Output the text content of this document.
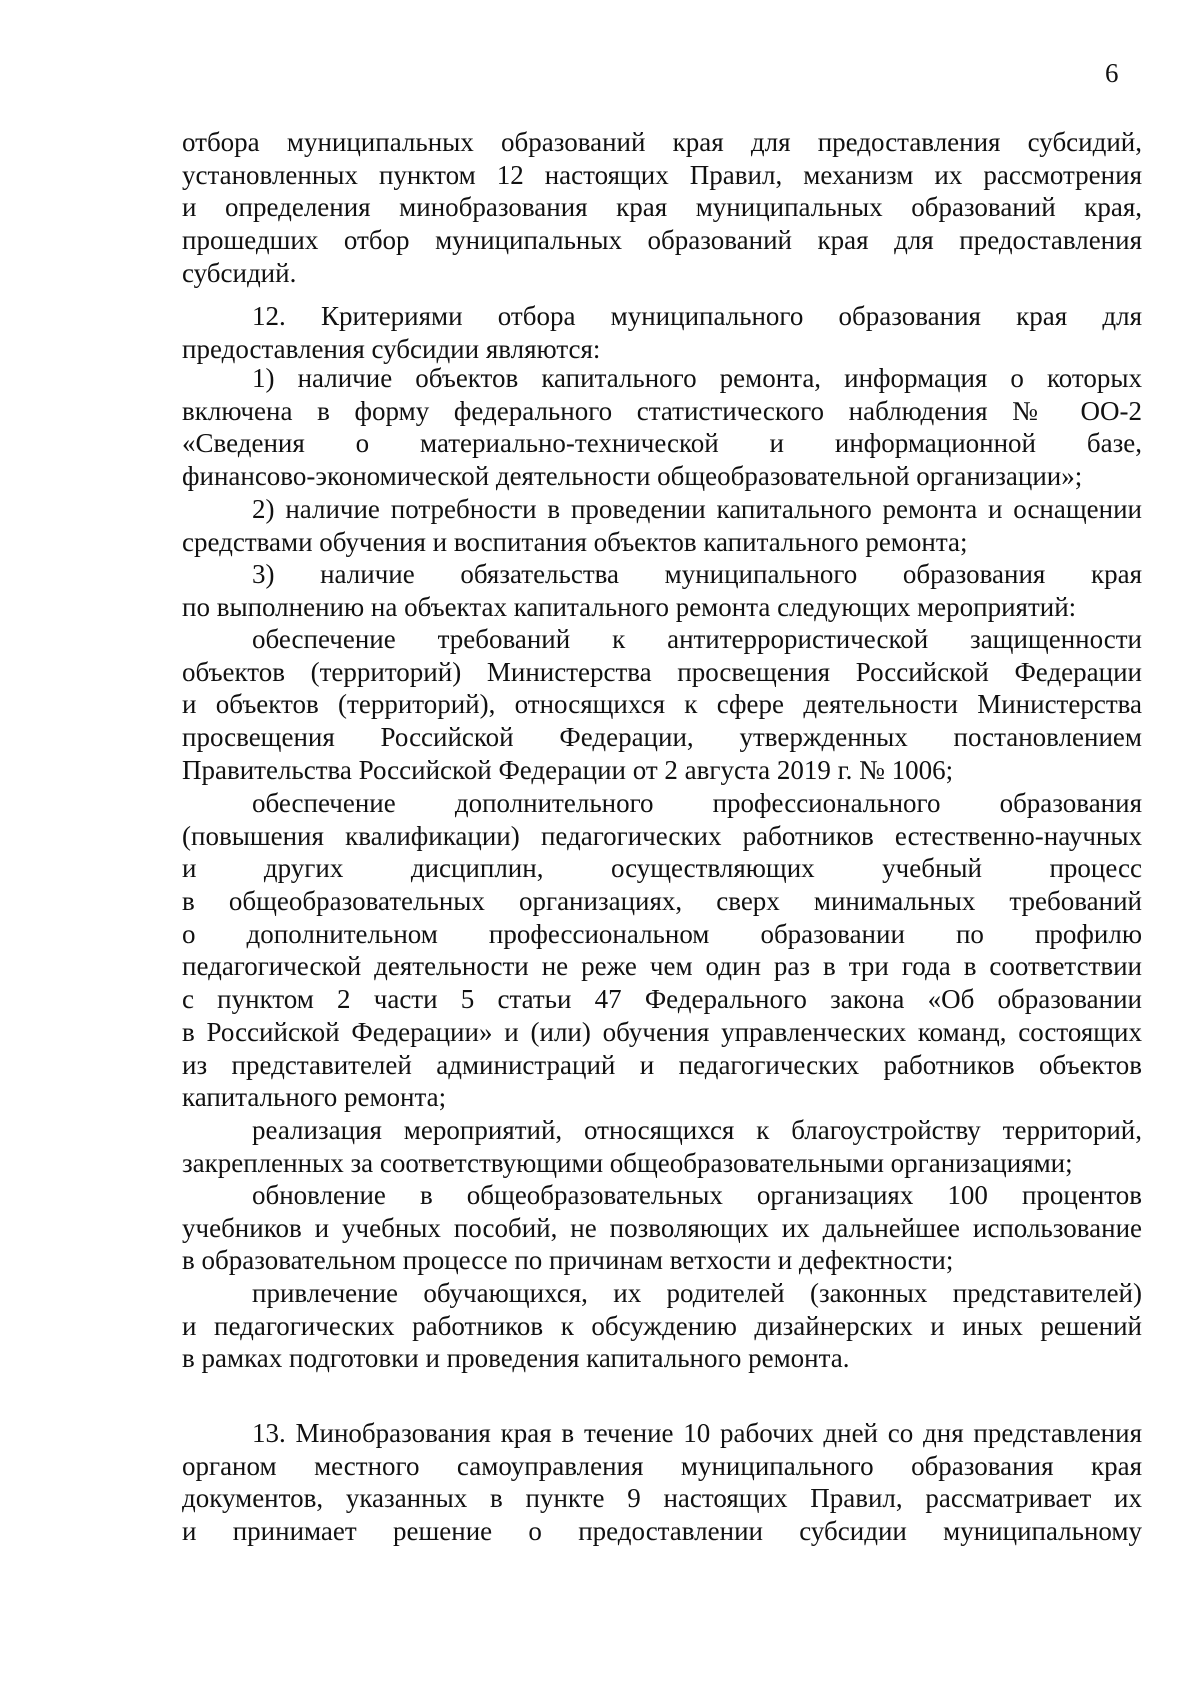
6
отбора муниципальных образований края для предоставления субсидий,
установленных пунктом 12 настоящих Правил, механизм их рассмотрения
и определения минобразования края муниципальных образований края,
прошедших отбор муниципальных образований края для предоставления
субсидий.
12. Критериями отбора муниципального образования края для
предоставления субсидии являются:
1) наличие объектов капитального ремонта, информация о которых
включена в форму федерального статистического наблюдения № ОО-2
«Сведения о материально-технической и информационной базе,
финансово-экономической деятельности общеобразовательной организации»;
2) наличие потребности в проведении капитального ремонта и оснащении
средствами обучения и воспитания объектов капитального ремонта;
3) наличие обязательства муниципального образования края
по выполнению на объектах капитального ремонта следующих мероприятий:
обеспечение требований к антитеррористической защищенности
объектов (территорий) Министерства просвещения Российской Федерации
и объектов (территорий), относящихся к сфере деятельности Министерства
просвещения Российской Федерации, утвержденных постановлением
Правительства Российской Федерации от 2 августа 2019 г. № 1006;
обеспечение дополнительного профессионального образования
(повышения квалификации) педагогических работников естественно-научных
и других дисциплин, осуществляющих учебный процесс
в общеобразовательных организациях, сверх минимальных требований
о дополнительном профессиональном образовании по профилю
педагогической деятельности не реже чем один раз в три года в соответствии
с пунктом 2 части 5 статьи 47 Федерального закона «Об образовании
в Российской Федерации» и (или) обучения управленческих команд, состоящих
из представителей администраций и педагогических работников объектов
капитального ремонта;
реализация мероприятий, относящихся к благоустройству территорий,
закрепленных за соответствующими общеобразовательными организациями;
обновление в общеобразовательных организациях 100 процентов
учебников и учебных пособий, не позволяющих их дальнейшее использование
в образовательном процессе по причинам ветхости и дефектности;
привлечение обучающихся, их родителей (законных представителей)
и педагогических работников к обсуждению дизайнерских и иных решений
в рамках подготовки и проведения капитального ремонта.
13. Минобразования края в течение 10 рабочих дней со дня представления
органом местного самоуправления муниципального образования края
документов, указанных в пункте 9 настоящих Правил, рассматривает их
и принимает решение о предоставлении субсидии муниципальному
